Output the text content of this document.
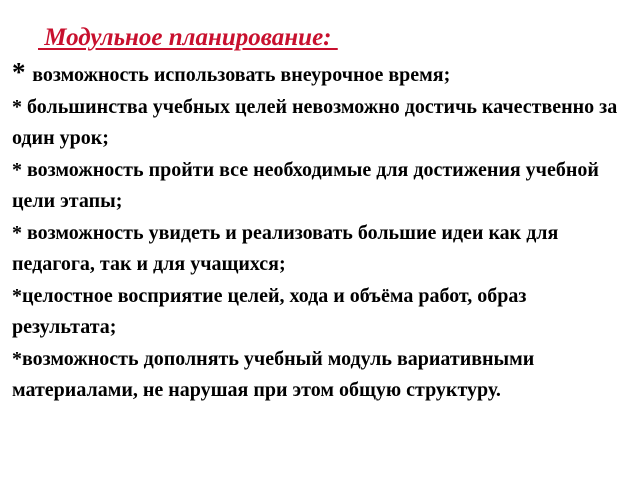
Модульное планирование:
* возможность использовать внеурочное время;
* большинства учебных целей невозможно достичь качественно за один урок;
* возможность пройти все необходимые для достижения учебной цели этапы;
* возможность увидеть и реализовать большие идеи как для педагога, так и для учащихся;
*целостное восприятие целей, хода и объёма работ, образ результата;
*возможность дополнять учебный модуль вариативными материалами, не нарушая при этом общую структуру.
